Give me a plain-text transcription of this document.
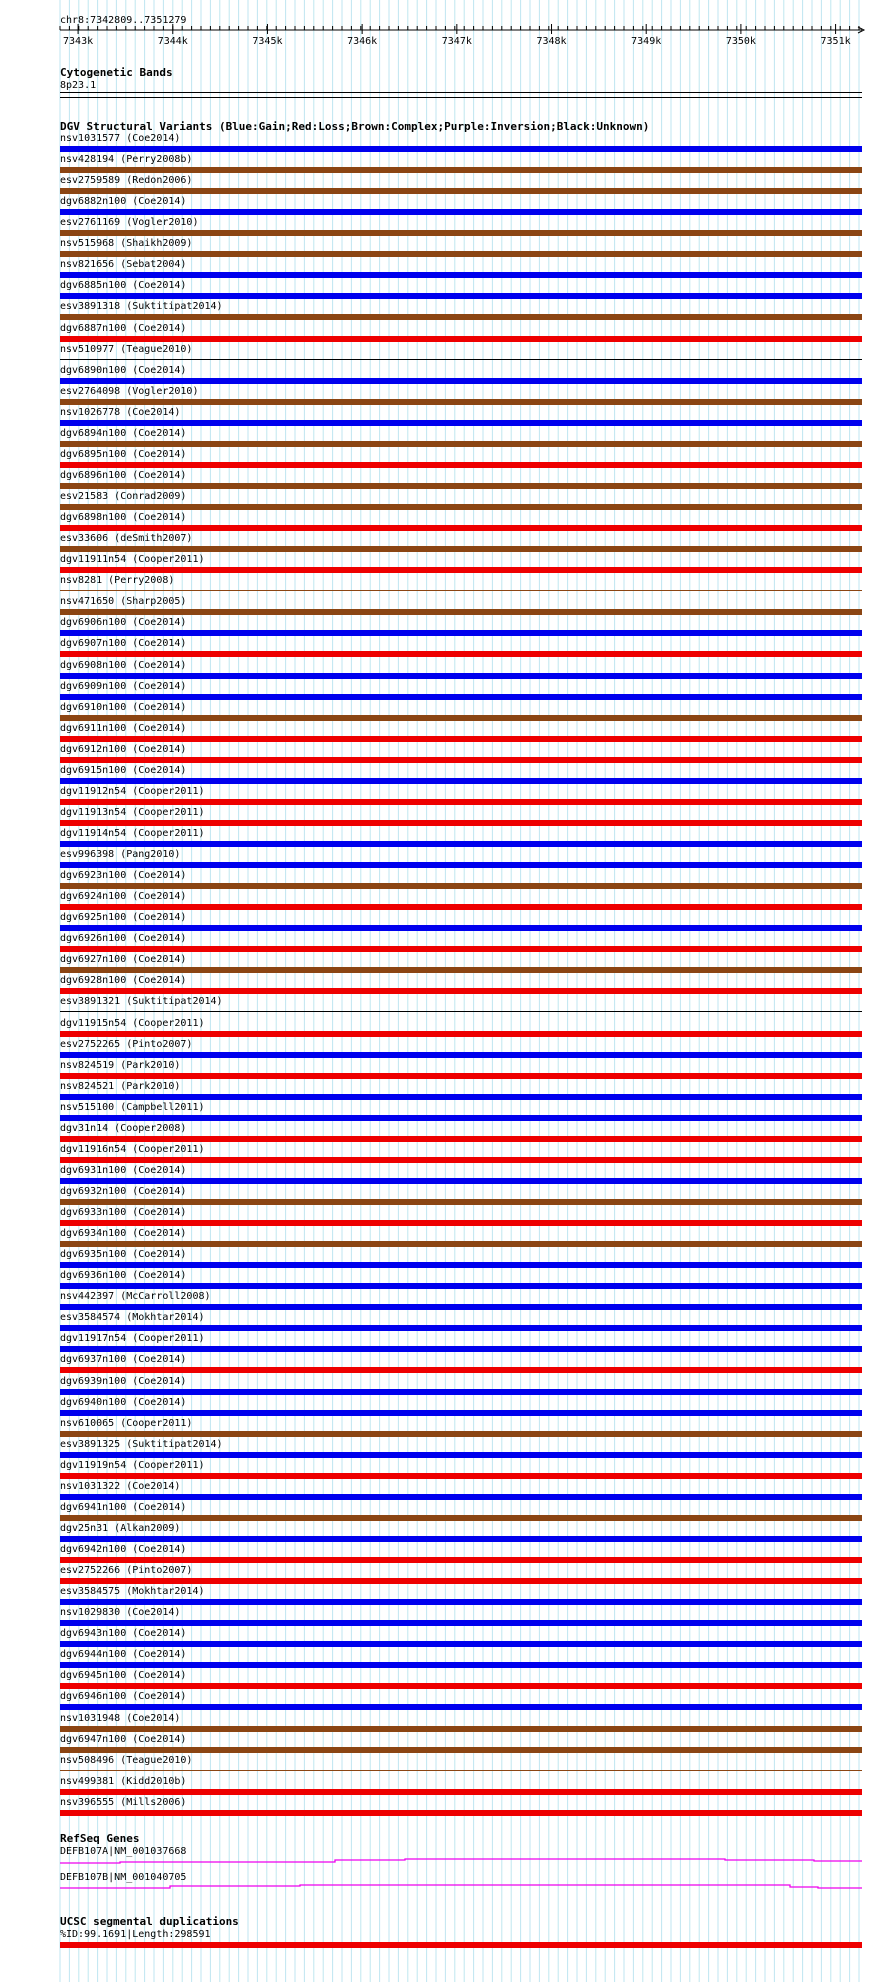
chr8:7342809..7351279
7343k	7344k	7345k	7346k	7347k	7348k	7349k	7350k	7351k
Cytogenetic Bands
8p23.1
DGV Structural Variants (Blue:Gain;Red:Loss;Brown:Complex;Purple:Inversion;Black:Unknown)
nsv1031577 (Coe2014)
nsv428194 (Perry2008b)
esv2759589 (Redon2006)
dgv6882n100 (Coe2014)
esv2761169 (Vogler2010)
nsv515968 (Shaikh2009)
nsv821656 (Sebat2004)
dgv6885n100 (Coe2014)
esv3891318 (Suktitipat2014)
dgv6887n100 (Coe2014)
nsv510977 (Teague2010)
dgv6890n100 (Coe2014)
esv2764098 (Vogler2010)
nsv1026778 (Coe2014)
dgv6894n100 (Coe2014)
dgv6895n100 (Coe2014)
dgv6896n100 (Coe2014)
esv21583 (Conrad2009)
dgv6898n100 (Coe2014)
esv33606 (deSmith2007)
dgv11911n54 (Cooper2011)
nsv8281 (Perry2008)
nsv471650 (Sharp2005)
dgv6906n100 (Coe2014)
dgv6907n100 (Coe2014)
dgv6908n100 (Coe2014)
dgv6909n100 (Coe2014)
dgv6910n100 (Coe2014)
dgv6911n100 (Coe2014)
dgv6912n100 (Coe2014)
dgv6915n100 (Coe2014)
dgv11912n54 (Cooper2011)
dgv11913n54 (Cooper2011)
dgv11914n54 (Cooper2011)
esv996398 (Pang2010)
dgv6923n100 (Coe2014)
dgv6924n100 (Coe2014)
dgv6925n100 (Coe2014)
dgv6926n100 (Coe2014)
dgv6927n100 (Coe2014)
dgv6928n100 (Coe2014)
esv3891321 (Suktitipat2014)
dgv11915n54 (Cooper2011)
esv2752265 (Pinto2007)
nsv824519 (Park2010)
nsv824521 (Park2010)
nsv515100 (Campbell2011)
dgv31n14 (Cooper2008)
dgv11916n54 (Cooper2011)
dgv6931n100 (Coe2014)
dgv6932n100 (Coe2014)
dgv6933n100 (Coe2014)
dgv6934n100 (Coe2014)
dgv6935n100 (Coe2014)
dgv6936n100 (Coe2014)
nsv442397 (McCarroll2008)
esv3584574 (Mokhtar2014)
dgv11917n54 (Cooper2011)
dgv6937n100 (Coe2014)
dgv6939n100 (Coe2014)
dgv6940n100 (Coe2014)
nsv610065 (Cooper2011)
esv3891325 (Suktitipat2014)
dgv11919n54 (Cooper2011)
nsv1031322 (Coe2014)
dgv6941n100 (Coe2014)
dgv25n31 (Alkan2009)
dgv6942n100 (Coe2014)
esv2752266 (Pinto2007)
esv3584575 (Mokhtar2014)
nsv1029830 (Coe2014)
dgv6943n100 (Coe2014)
dgv6944n100 (Coe2014)
dgv6945n100 (Coe2014)
dgv6946n100 (Coe2014)
nsv1031948 (Coe2014)
dgv6947n100 (Coe2014)
nsv508496 (Teague2010)
nsv499381 (Kidd2010b)
nsv396555 (Mills2006)
RefSeq Genes
DEFB107A|NM_001037668
DEFB107B|NM_001040705
UCSC segmental duplications
%ID:99.1691|Length:298591
